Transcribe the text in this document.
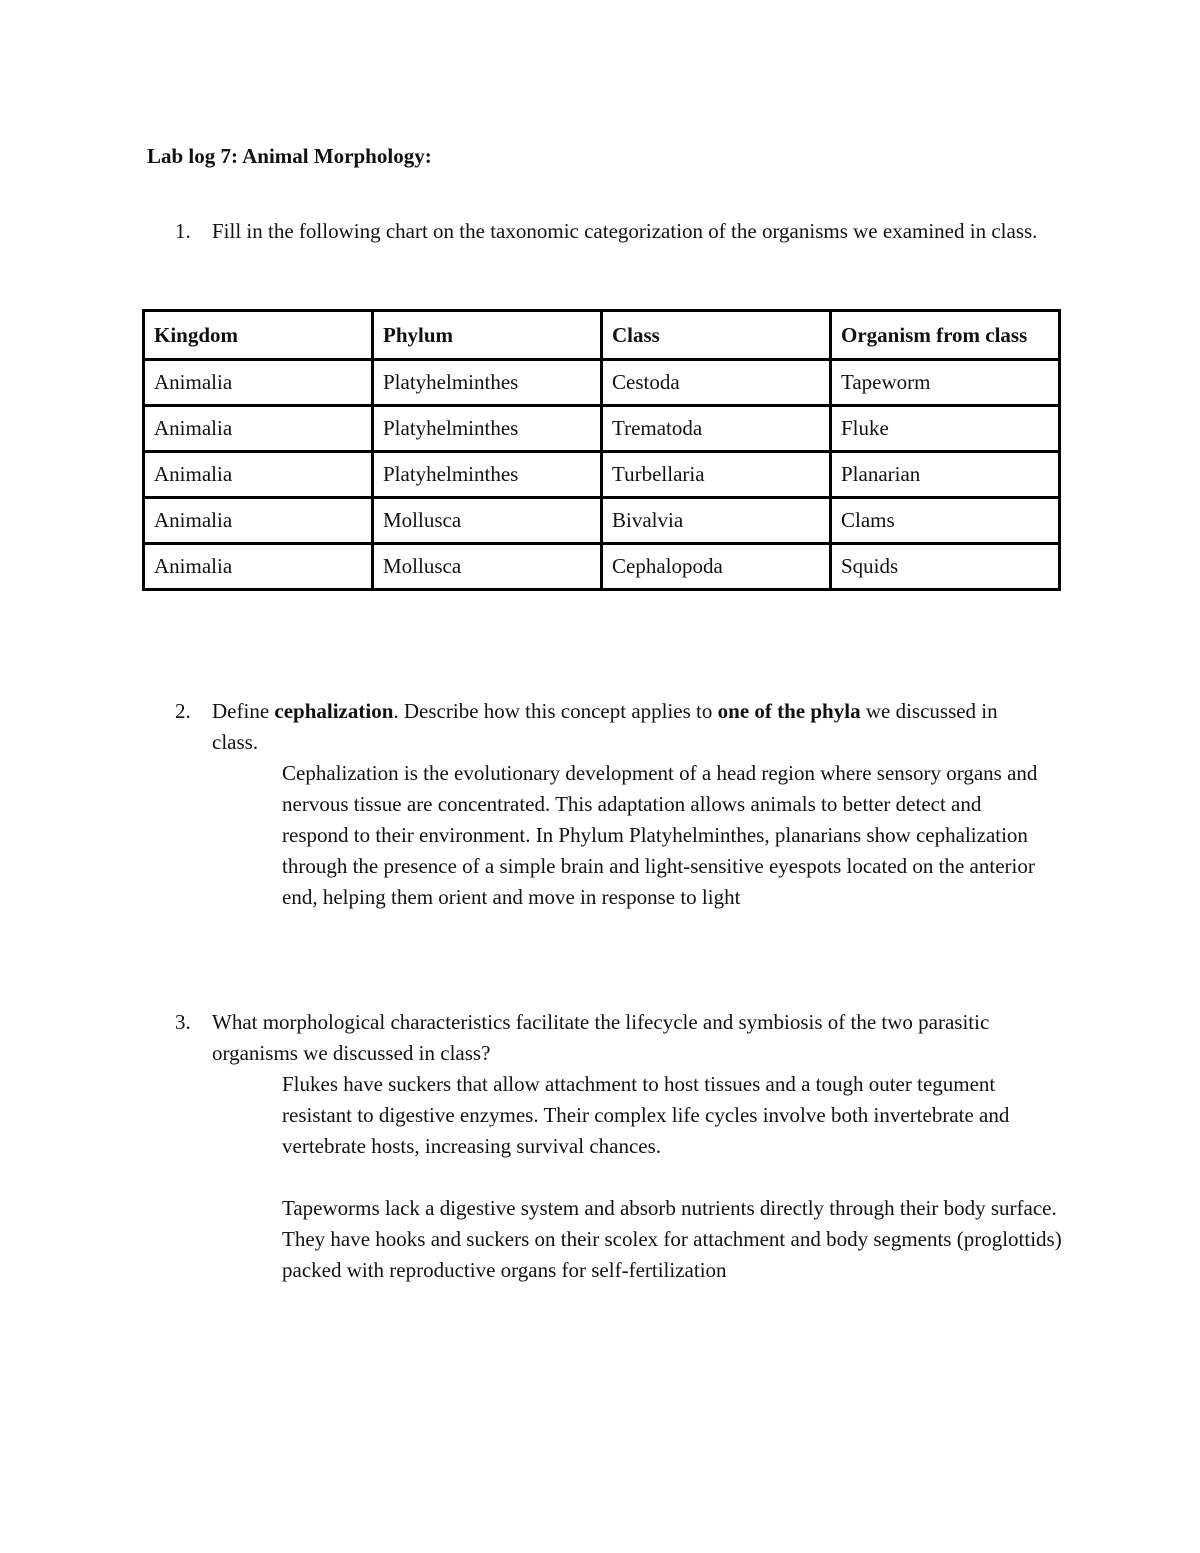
Lab log 7: Animal Morphology:

1. Fill in the following chart on the taxonomic categorization of the organisms we examined in class.

Kingdom	Phylum	Class	Organism from class
Animalia	Platyhelminthes	Cestoda	Tapeworm
Animalia	Platyhelminthes	Trematoda	Fluke
Animalia	Platyhelminthes	Turbellaria	Planarian
Animalia	Mollusca	Bivalvia	Clams
Animalia	Mollusca	Cephalopoda	Squids

2. Define cephalization. Describe how this concept applies to one of the phyla we discussed in class.

Cephalization is the evolutionary development of a head region where sensory organs and nervous tissue are concentrated. This adaptation allows animals to better detect and respond to their environment. In Phylum Platyhelminthes, planarians show cephalization through the presence of a simple brain and light-sensitive eyespots located on the anterior end, helping them orient and move in response to light

3. What morphological characteristics facilitate the lifecycle and symbiosis of the two parasitic organisms we discussed in class?

Flukes have suckers that allow attachment to host tissues and a tough outer tegument resistant to digestive enzymes. Their complex life cycles involve both invertebrate and vertebrate hosts, increasing survival chances.

Tapeworms lack a digestive system and absorb nutrients directly through their body surface. They have hooks and suckers on their scolex for attachment and body segments (proglottids) packed with reproductive organs for self-fertilization
